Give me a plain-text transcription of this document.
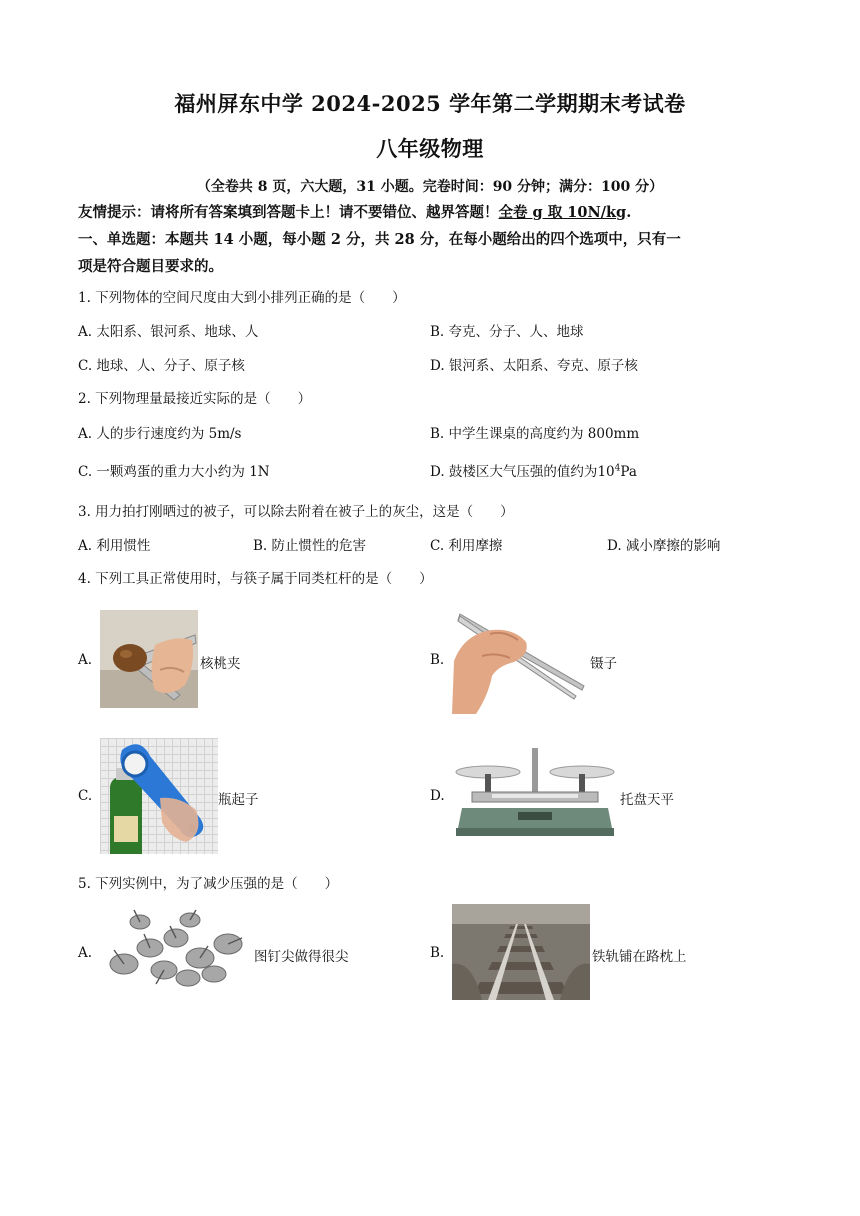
福州屏东中学 2024-2025 学年第二学期期末考试卷
八年级物理
（全卷共 8 页，六大题，31 小题。完卷时间：90 分钟；满分：100 分）
友情提示：请将所有答案填到答题卡上！请不要错位、越界答题！全卷 g 取 10N/kg.
一、单选题：本题共 14 小题，每小题 2 分，共 28 分，在每小题给出的四个选项中，只有一
项是符合题目要求的。
1. 下列物体的空间尺度由大到小排列正确的是（　　）
A. 太阳系、银河系、地球、人	B. 夸克、分子、人、地球
C. 地球、人、分子、原子核	D. 银河系、太阳系、夸克、原子核
2. 下列物理量最接近实际的是（　　）
A. 人的步行速度约为 5m/s	B. 中学生课桌的高度约为 800mm
C. 一颗鸡蛋的重力大小约为 1N	D. 鼓楼区大气压强的值约为$10^4Pa$
3. 用力拍打刚晒过的被子，可以除去附着在被子上的灰尘，这是（　　）
A. 利用惯性	B. 防止惯性的危害	C. 利用摩擦	D. 减小摩擦的影响
4. 下列工具正常使用时，与筷子属于同类杠杆的是（　　）
A.	核桃夹	B.	镊子
C.	瓶起子	D.	托盘天平
5. 下列实例中，为了减少压强的是（　　）
A.	图钉尖做得很尖	B.	铁轨铺在路枕上
